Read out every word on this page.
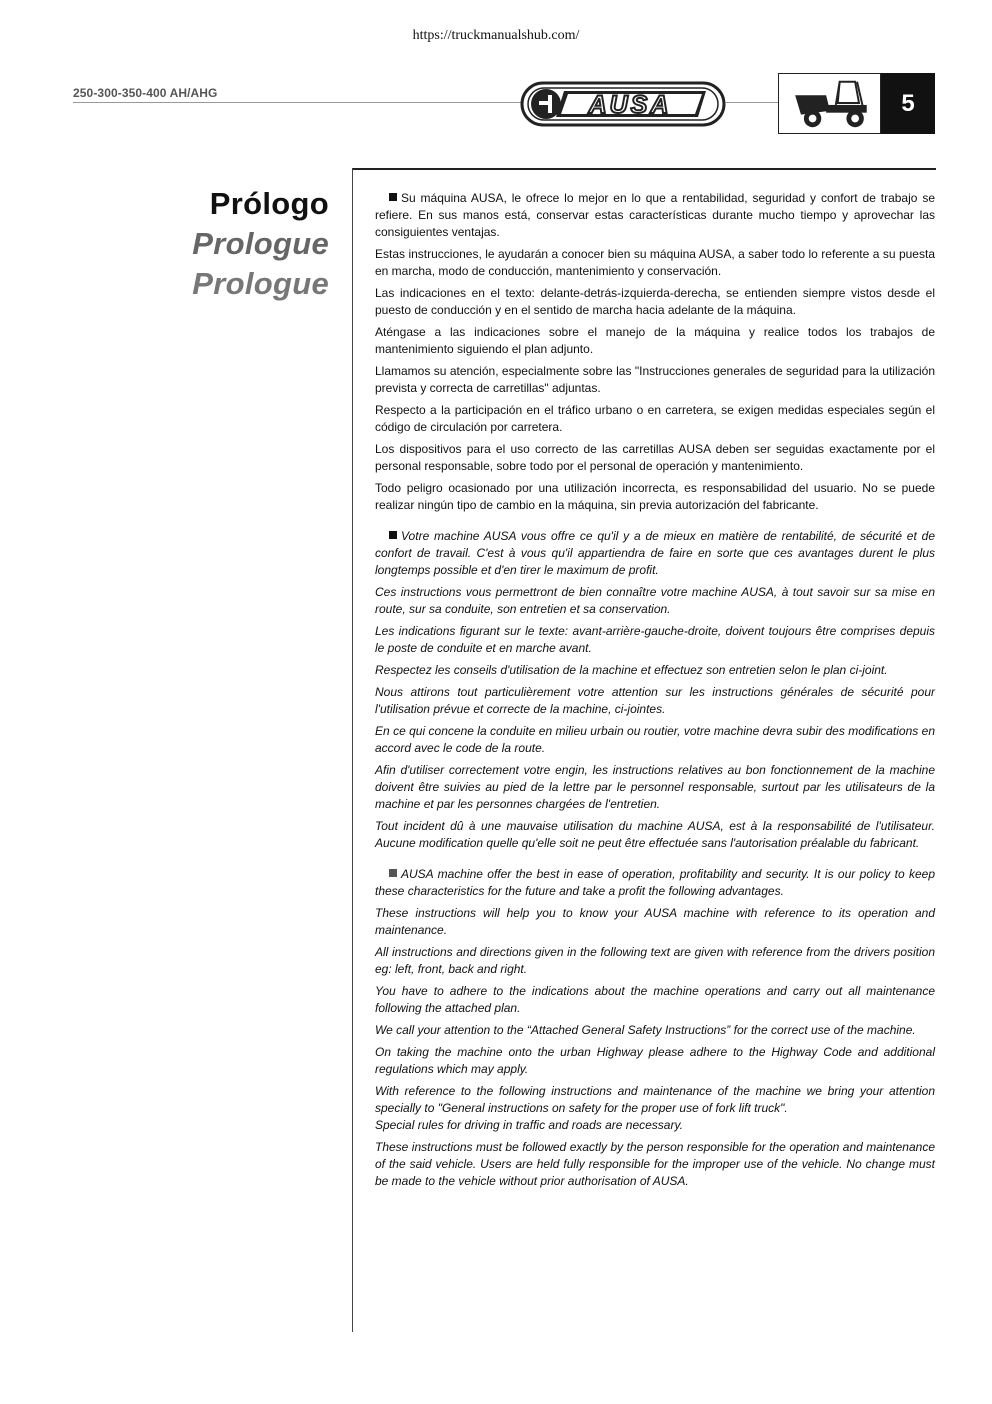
https://truckmanualshub.com/
250-300-350-400 AH/AHG	AUSA	5
Prólogo
Prologue
Prologue

Su máquina AUSA, le ofrece lo mejor en lo que a rentabilidad, seguridad y confort de trabajo se refiere. En sus manos está, conservar estas características durante mucho tiempo y aprovechar las consiguientes ventajas.

Estas instrucciones, le ayudarán a conocer bien su máquina AUSA, a saber todo lo referente a su puesta en marcha, modo de conducción, mantenimiento y conservación.

Las indicaciones en el texto: delante-detrás-izquierda-derecha, se entienden siempre vistos desde el puesto de conducción y en el sentido de marcha hacia adelante de la máquina.

Aténgase a las indicaciones sobre el manejo de la máquina y realice todos los trabajos de mantenimiento siguiendo el plan adjunto.

Llamamos su atención, especialmente sobre las "Instrucciones generales de seguridad para la utilización prevista y correcta de carretillas" adjuntas.

Respecto a la participación en el tráfico urbano o en carretera, se exigen medidas especiales según el código de circulación por carretera.

Los dispositivos para el uso correcto de las carretillas AUSA deben ser seguidas exactamente por el personal responsable, sobre todo por el personal de operación y mantenimiento.

Todo peligro ocasionado por una utilización incorrecta, es responsabilidad del usuario. No se puede realizar ningún tipo de cambio en la máquina, sin previa autorización del fabricante.

Votre machine AUSA vous offre ce qu'il y a de mieux en matière de rentabilité, de sécurité et de confort de travail. C'est à vous qu'il appartiendra de faire en sorte que ces avantages durent le plus longtemps possible et d'en tirer le maximum de profit.

Ces instructions vous permettront de bien connaître votre machine AUSA, à tout savoir sur sa mise en route, sur sa conduite, son entretien et sa conservation.

Les indications figurant sur le texte: avant-arrière-gauche-droite, doivent toujours être comprises depuis le poste de conduite et en marche avant.

Respectez les conseils d'utilisation de la machine et effectuez son entretien selon le plan ci-joint.

Nous attirons tout particulièrement votre attention sur les instructions générales de sécurité pour l'utilisation prévue et correcte de la machine, ci-jointes.

En ce qui concene la conduite en milieu urbain ou routier, votre machine devra subir des modifications en accord avec le code de la route.

Afin d'utiliser correctement votre engin, les instructions relatives au bon fonctionnement de la machine doivent être suivies au pied de la lettre par le personnel responsable, surtout par les utilisateurs de la machine et par les personnes chargées de l'entretien.

Tout incident dû à une mauvaise utilisation du machine AUSA, est à la responsabilité de l'utilisateur. Aucune modification quelle qu'elle soit ne peut être effectuée sans l'autorisation préalable du fabricant.

AUSA machine offer the best in ease of operation, profitability and security. It is our policy to keep these characteristics for the future and take a profit the following advantages.

These instructions will help you to know your AUSA machine with reference to its operation and maintenance.

All instructions and directions given in the following text are given with reference from the drivers position eg: left, front, back and right.

You have to adhere to the indications about the machine operations and carry out all maintenance following the attached plan.

We call your attention to the “Attached General Safety Instructions” for the correct use of the machine.

On taking the machine onto the urban Highway please adhere to the Highway Code and additional regulations which may apply.

With reference to the following instructions and maintenance of the machine we bring your attention specially to "General instructions on safety for the proper use of fork lift truck".

Special rules for driving in traffic and roads are necessary.

These instructions must be followed exactly by the person responsible for the operation and maintenance of the said vehicle. Users are held fully responsible for the improper use of the vehicle. No change must be made to the vehicle without prior authorisation of AUSA.
